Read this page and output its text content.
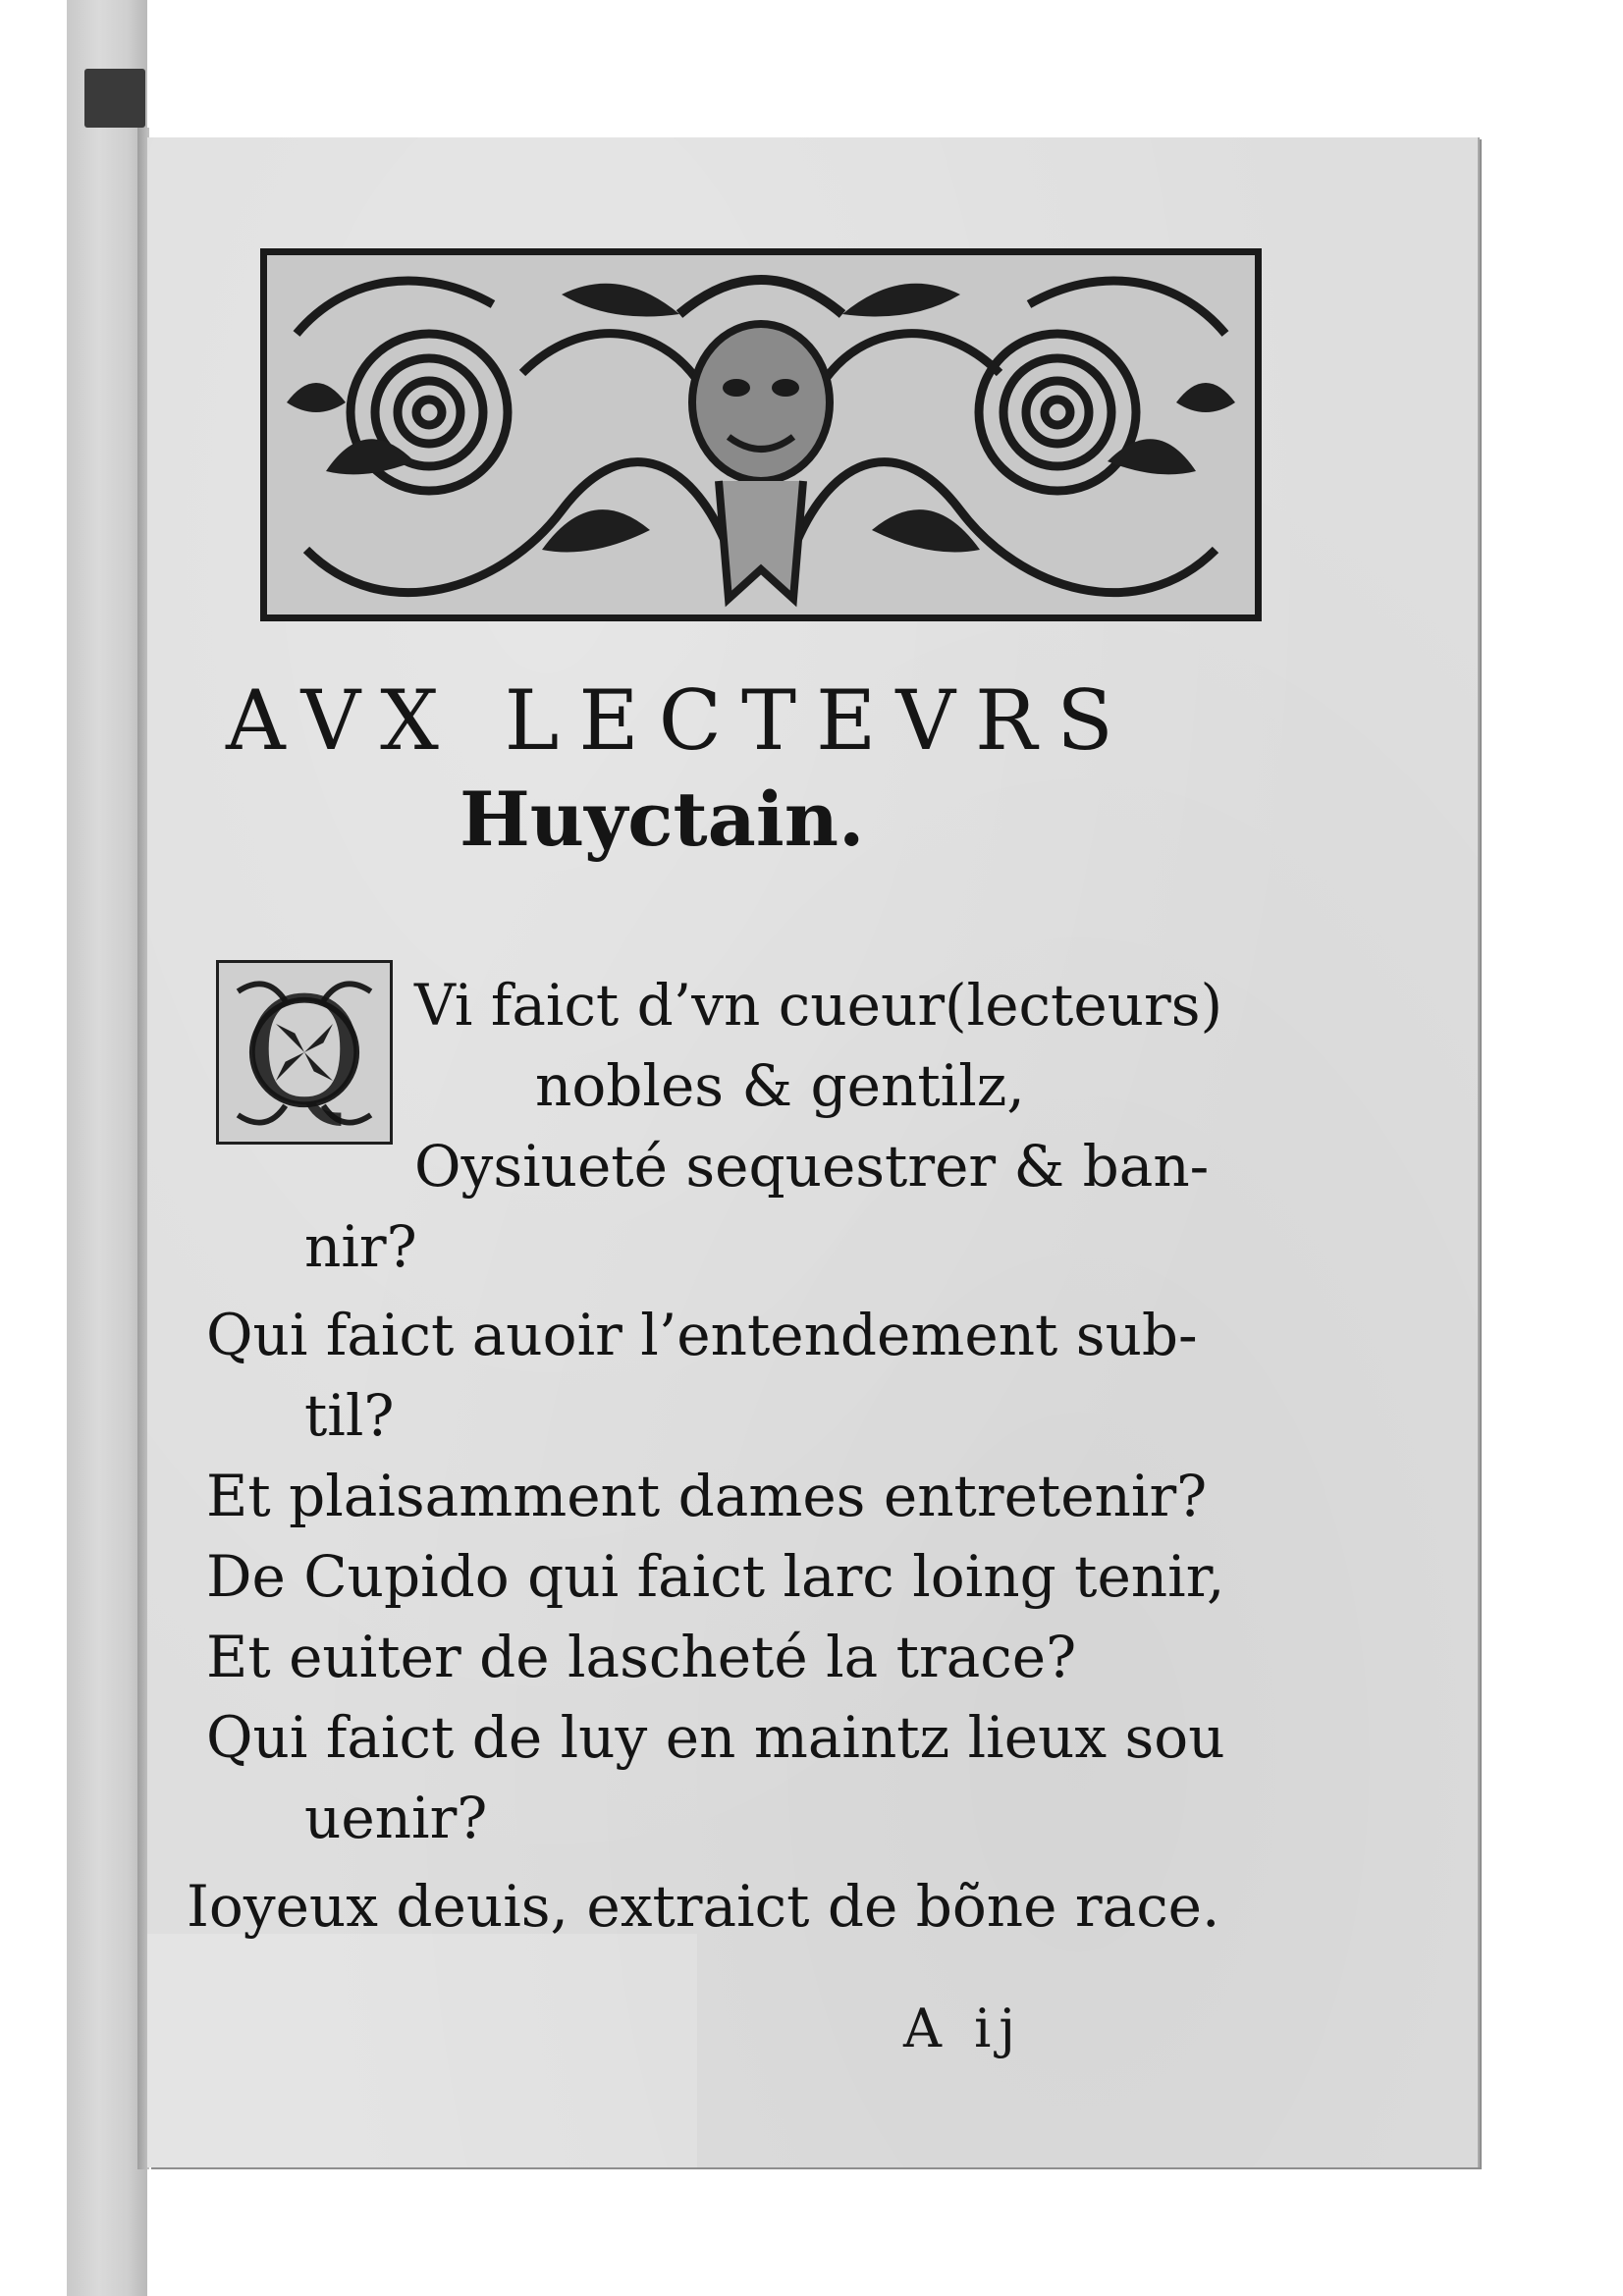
AVX LECTEVRS
Huyctain.
Q Vi faict d’vn cueur(lecteurs)

nobles & gentilz,

Oysiueté sequestrer & ban-

nir?

Qui faict auoir l’entendement sub-

til?

Et plaisamment dames entretenir?

De Cupido qui faict larc loing tenir,

Et euiter de lascheté la trace?

Qui faict de luy en maintz lieux sou

uenir?

Ioyeux deuis, extraict de bõne race.

A ij
